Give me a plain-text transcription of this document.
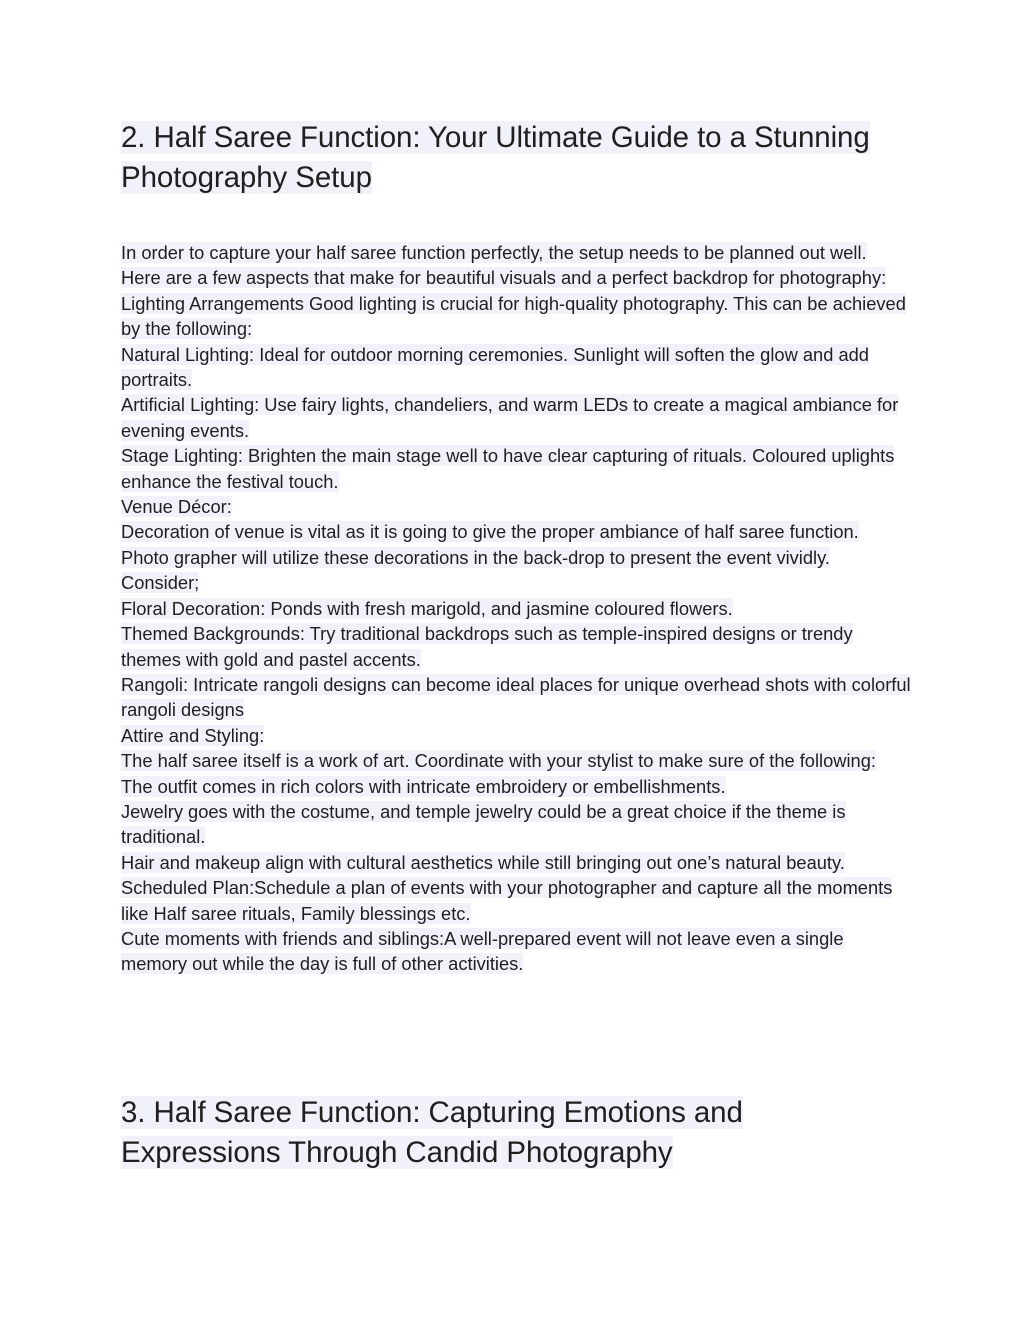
2. Half Saree Function: Your Ultimate Guide to a Stunning
Photography Setup

In order to capture your half saree function perfectly, the setup needs to be planned out well. Here are a few aspects that make for beautiful visuals and a perfect backdrop for photography:

Lighting Arrangements Good lighting is crucial for high-quality photography. This can be achieved by the following:

Natural Lighting: Ideal for outdoor morning ceremonies. Sunlight will soften the glow and add portraits.

Artificial Lighting: Use fairy lights, chandeliers, and warm LEDs to create a magical ambiance for evening events.

Stage Lighting: Brighten the main stage well to have clear capturing of rituals. Coloured uplights enhance the festival touch.

Venue Décor:

Decoration of venue is vital as it is going to give the proper ambiance of half saree function. Photo grapher will utilize these decorations in the back-drop to present the event vividly. Consider;

Floral Decoration: Ponds with fresh marigold, and jasmine coloured flowers.

Themed Backgrounds: Try traditional backdrops such as temple-inspired designs or trendy themes with gold and pastel accents.

Rangoli: Intricate rangoli designs can become ideal places for unique overhead shots with colorful rangoli designs

Attire and Styling:

The half saree itself is a work of art. Coordinate with your stylist to make sure of the following:

The outfit comes in rich colors with intricate embroidery or embellishments.

Jewelry goes with the costume, and temple jewelry could be a great choice if the theme is traditional.

Hair and makeup align with cultural aesthetics while still bringing out one’s natural beauty.

Scheduled Plan:Schedule a plan of events with your photographer and capture all the moments like Half saree rituals, Family blessings etc.

Cute moments with friends and siblings:A well-prepared event will not leave even a single memory out while the day is full of other activities.

3. Half Saree Function: Capturing Emotions and
Expressions Through Candid Photography
